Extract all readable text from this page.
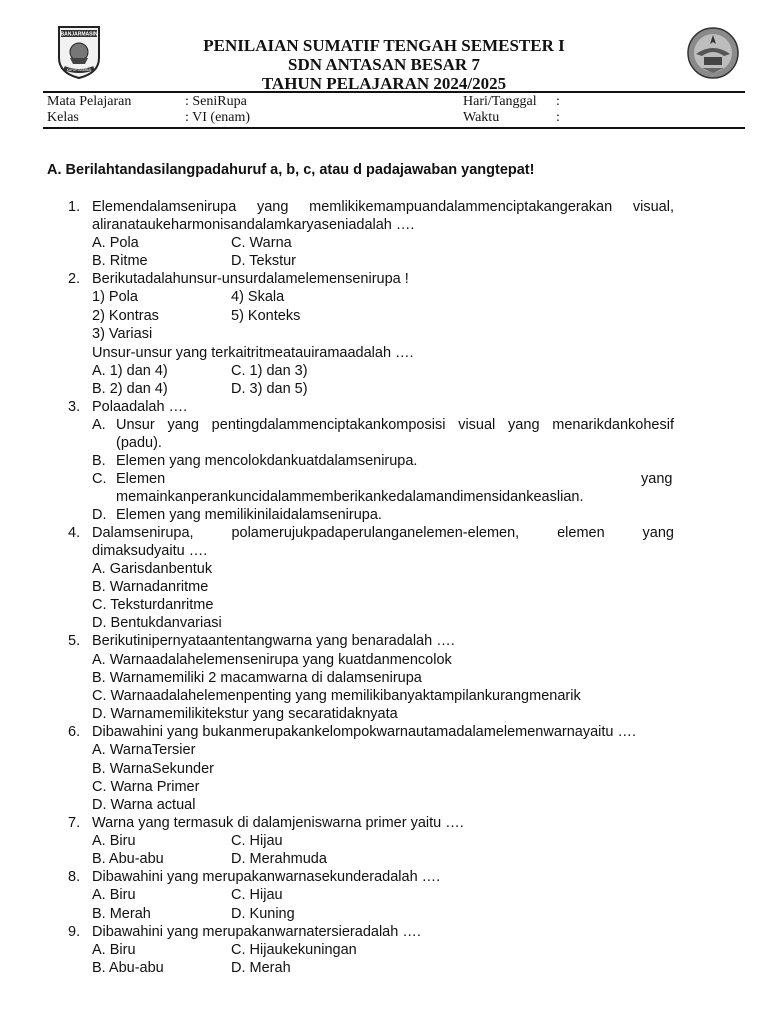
BANJARMASIN
KAYUH BAIMBAI
PENILAIAN SUMATIF TENGAH SEMESTER I
SDN ANTASAN BESAR 7
TAHUN PELAJARAN 2024/2025
Mata Pelajaran	: SeniRupa	Hari/Tanggal :
Kelas	: VI (enam)	Waktu	:
A. Berilahtandasilangpadahuruf a, b, c, atau d padajawaban yangtepat!
1. Elemendalamsenirupa yang memlikikemampuandalammenciptakangerakan visual,
aliranataukeharmonisandalamkaryaseniadalah ….
A. Pola	C. Warna
B. Ritme	D. Tekstur
2. Berikutadalahunsur-unsurdalamelemensenirupa !
1) Pola	4) Skala
2) Kontras	5) Konteks
3) Variasi
Unsur-unsur yang terkaitritmeatauiramaadalah ….
A. 1) dan 4)	C. 1) dan 3)
B. 2) dan 4)	D. 3) dan 5)
3. Polaadalah ….
A. Unsur yang pentingdalammenciptakankomposisi visual yang menarikdankohesif
(padu).
B. Elemen yang mencolokdankuatdalamsenirupa.
C. Elemen	yang
memainkanperankuncidalammemberikankedalamandimensidankeaslian.
D. Elemen yang memilikinilaidalamsenirupa.
4. Dalamsenirupa, polamerujukpadaperulanganelemen-elemen, elemen yang
dimaksudyaitu ….
A. Garisdanbentuk
B. Warnadanritme
C. Teksturdanritme
D. Bentukdanvariasi
5. Berikutinipernyataantentangwarna yang benaradalah ….
A. Warnaadalahelemensenirupa yang kuatdanmencolok
B. Warnamemiliki 2 macamwarna di dalamsenirupa
C. Warnaadalahelemenpenting yang memilikibanyaktampilankurangmenarik
D. Warnamemilikitekstur yang secaratidaknyata
6. Dibawahini yang bukanmerupakankelompokwarnautamadalamelemenwarnayaitu ….
A. WarnaTersier
B. WarnaSekunder
C. Warna Primer
D. Warna actual
7. Warna yang termasuk di dalamjeniswarna primer yaitu ….
A. Biru	C. Hijau
B. Abu-abu	D. Merahmuda
8. Dibawahini yang merupakanwarnasekunderadalah ….
A. Biru	C. Hijau
B. Merah	D. Kuning
9. Dibawahini yang merupakanwarnatersieradalah ….
A. Biru	C. Hijaukekuningan
B. Abu-abu	D. Merah
